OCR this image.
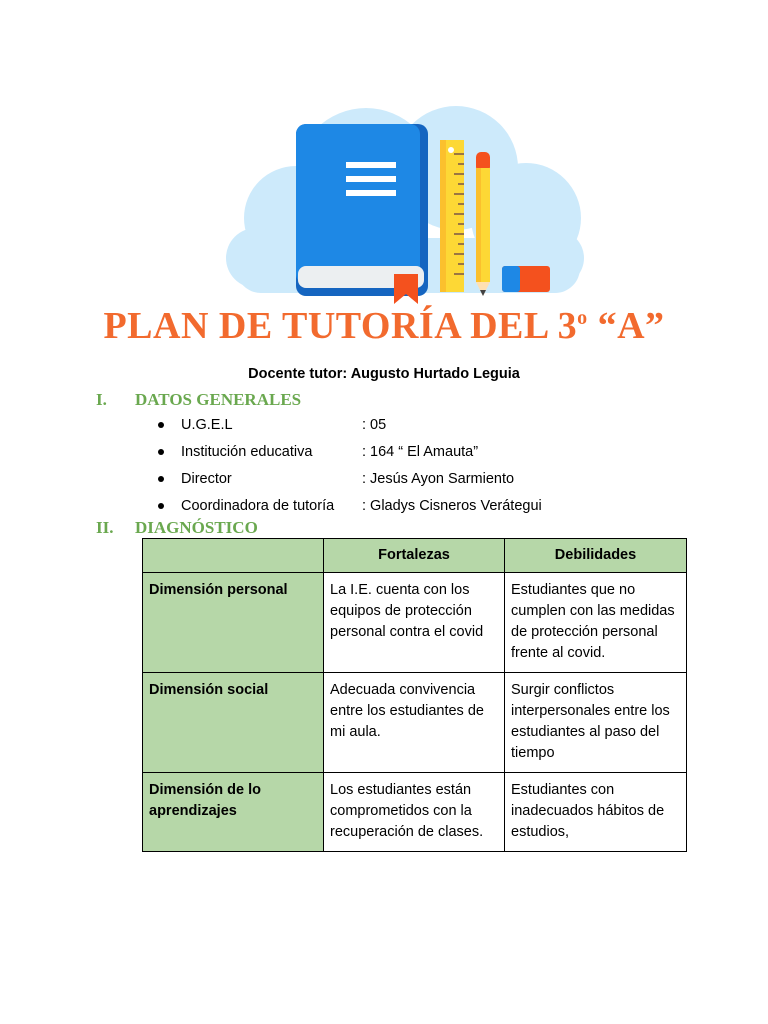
PLAN DE TUTORÍA DEL 3$^o$ “A”
Docente tutor: Augusto Hurtado Leguia
I.	DATOS GENERALES
U.G.E.L	: 05
Institución educativa	: 164 “ El Amauta”
Director	: Jesús Ayon Sarmiento
Coordinadora de tutoría	: Gladys Cisneros Verátegui
II.	DIAGNÓSTICO
	Fortalezas	Debilidades
Dimensión personal	La I.E. cuenta con los equipos de protección personal contra el covid	Estudiantes que no cumplen con las medidas de protección personal frente al covid.
Dimensión social	Adecuada convivencia entre los estudiantes de mi aula.	Surgir conflictos interpersonales entre los estudiantes al paso del tiempo
Dimensión de lo aprendizajes	Los estudiantes están comprometidos con la recuperación de clases.	Estudiantes con inadecuados hábitos de estudios,
